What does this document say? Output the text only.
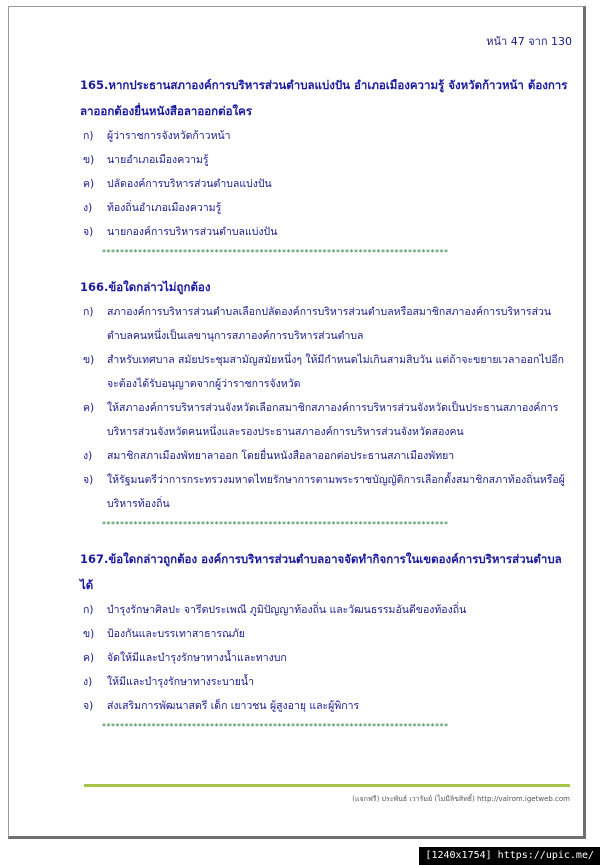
หน้า 47 จาก 130
165.หากประธานสภาองค์การบริหารส่วนตำบลแบ่งปัน อำเภอเมืองความรู้ จังหวัดก้าวหน้า ต้องการลาออกต้องยื่นหนังสือลาออกต่อใคร
ก)	ผู้ว่าราชการจังหวัดก้าวหน้า
ข)	นายอำเภอเมืองความรู้
ค)	ปลัดองค์การบริหารส่วนตำบลแบ่งปัน
ง)	ท้องถิ่นอำเภอเมืองความรู้
จ)	นายกองค์การบริหารส่วนตำบลแบ่งปัน
*****************************************************************************
166.ข้อใดกล่าวไม่ถูกต้อง
ก)	สภาองค์การบริหารส่วนตำบลเลือกปลัดองค์การบริหารส่วนตำบลหรือสมาชิกสภาองค์การบริหารส่วนตำบลคนหนึ่งเป็นเลขานุการสภาองค์การบริหารส่วนตำบล
ข)	สำหรับเทศบาล สมัยประชุมสามัญสมัยหนึ่งๆ ให้มีกำหนดไม่เกินสามสิบวัน แต่ถ้าจะขยายเวลาออกไปอีกจะต้องได้รับอนุญาตจากผู้ว่าราชการจังหวัด
ค)	ให้สภาองค์การบริหารส่วนจังหวัดเลือกสมาชิกสภาองค์การบริหารส่วนจังหวัดเป็นประธานสภาองค์การบริหารส่วนจังหวัดคนหนึ่งและรองประธานสภาองค์การบริหารส่วนจังหวัดสองคน
ง)	สมาชิกสภาเมืองพัทยาลาออก โดยยื่นหนังสือลาออกต่อประธานสภาเมืองพัทยา
จ)	ให้รัฐมนตรีว่าการกระทรวงมหาดไทยรักษาการตามพระราชบัญญัติการเลือกตั้งสมาชิกสภาท้องถิ่นหรือผู้บริหารท้องถิ่น
*****************************************************************************
167.ข้อใดกล่าวถูกต้อง องค์การบริหารส่วนตำบลอาจจัดทำกิจการในเขตองค์การบริหารส่วนตำบลได้
ก)	บำรุงรักษาศิลปะ จารีตประเพณี ภูมิปัญญาท้องถิ่น และวัฒนธรรมอันดีของท้องถิ่น
ข)	ป้องกันและบรรเทาสาธารณภัย
ค)	จัดให้มีและบำรุงรักษาทางน้ำและทางบก
ง)	ให้มีและบำรุงรักษาทางระบายน้ำ
จ)	ส่งเสริมการพัฒนาสตรี เด็ก เยาวชน ผู้สูงอายุ และผู้พิการ
*****************************************************************************
(แจกฟรี) ประพันธ์ เวารัมย์ (ไม่มีลิขสิทธิ์) http://valrom.igetweb.com
[1240x1754] https://upic.me/
